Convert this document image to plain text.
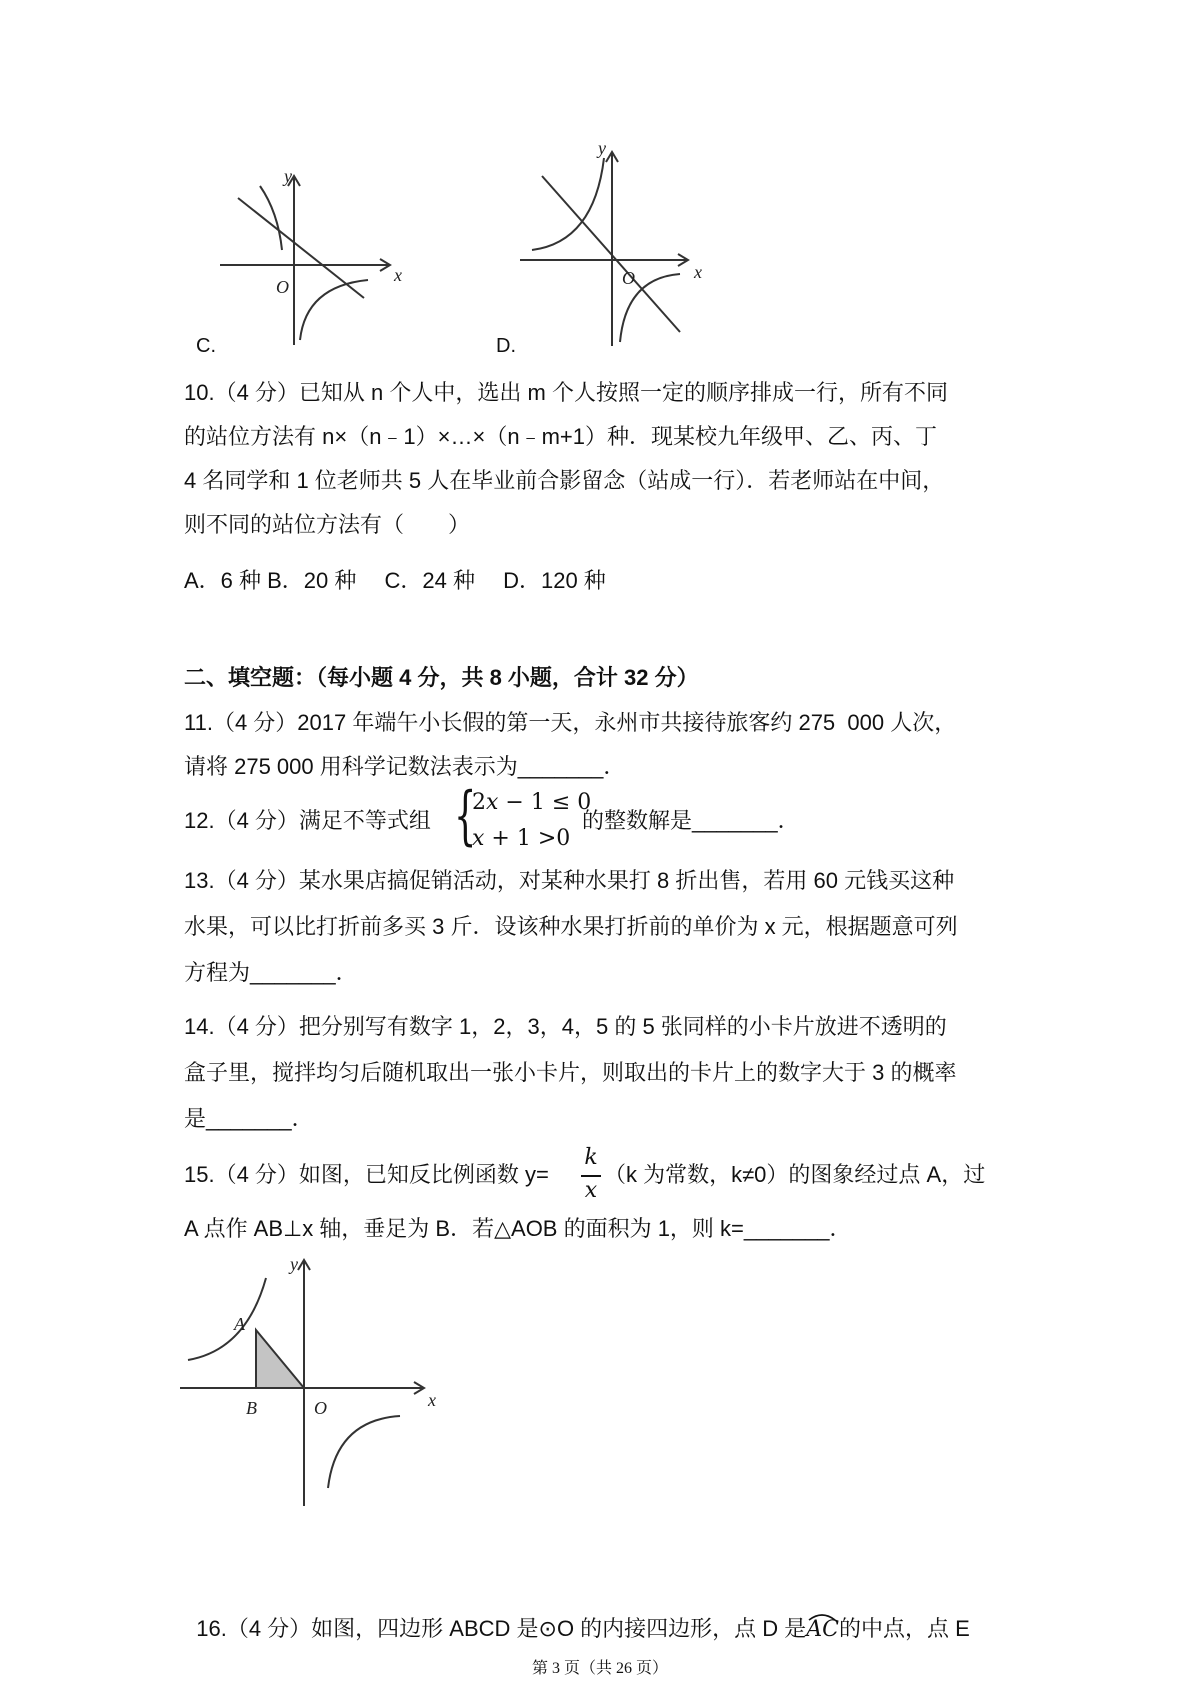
x
y
O
C.
x
y
O
D.
10.（4 分）已知从 n 个人中，选出 m 个人按照一定的顺序排成一行，所有不同
的站位方法有 n×（n﹣1）×…×（n﹣m+1）种．现某校九年级甲、乙、丙、丁
4 名同学和 1 位老师共 5 人在毕业前合影留念（站成一行）．若老师站在中间，
则不同的站位方法有（　　）
A．6 种 B．20 种　 C．24 种　 D．120 种
二、填空题：（每小题 4 分，共 8 小题，合计 32 分）
11.（4 分）2017 年端午小长假的第一天，永州市共接待旅客约 275  000 人次，
请将 275 000 用科学记数法表示为_______．
12.（4 分）满足不等式组 {
2𝑥 − 1 ≤ 0
𝑥 + 1 >0
的整数解是_______．
13.（4 分）某水果店搞促销活动，对某种水果打 8 折出售，若用 60 元钱买这种
水果，可以比打折前多买 3 斤．设该种水果打折前的单价为 x 元，根据题意可列
方程为_______．
14.（4 分）把分别写有数字 1，2，3，4，5 的 5 张同样的小卡片放进不透明的
盒子里，搅拌均匀后随机取出一张小卡片，则取出的卡片上的数字大于 3 的概率
是_______．
15.（4 分）如图，已知反比例函数 y=
𝑘
𝑥
（k 为常数，k≠0）的图象经过点 A，过
A 点作 AB⊥x 轴，垂足为 B．若△AOB 的面积为 1，则 k=_______．
x
y
A
B	O

16.（4 分）如图，四边形 ABCD 是⊙O 的内接四边形，点 D 是AC
的中点，点 E

第 3 页（共 26 页）
